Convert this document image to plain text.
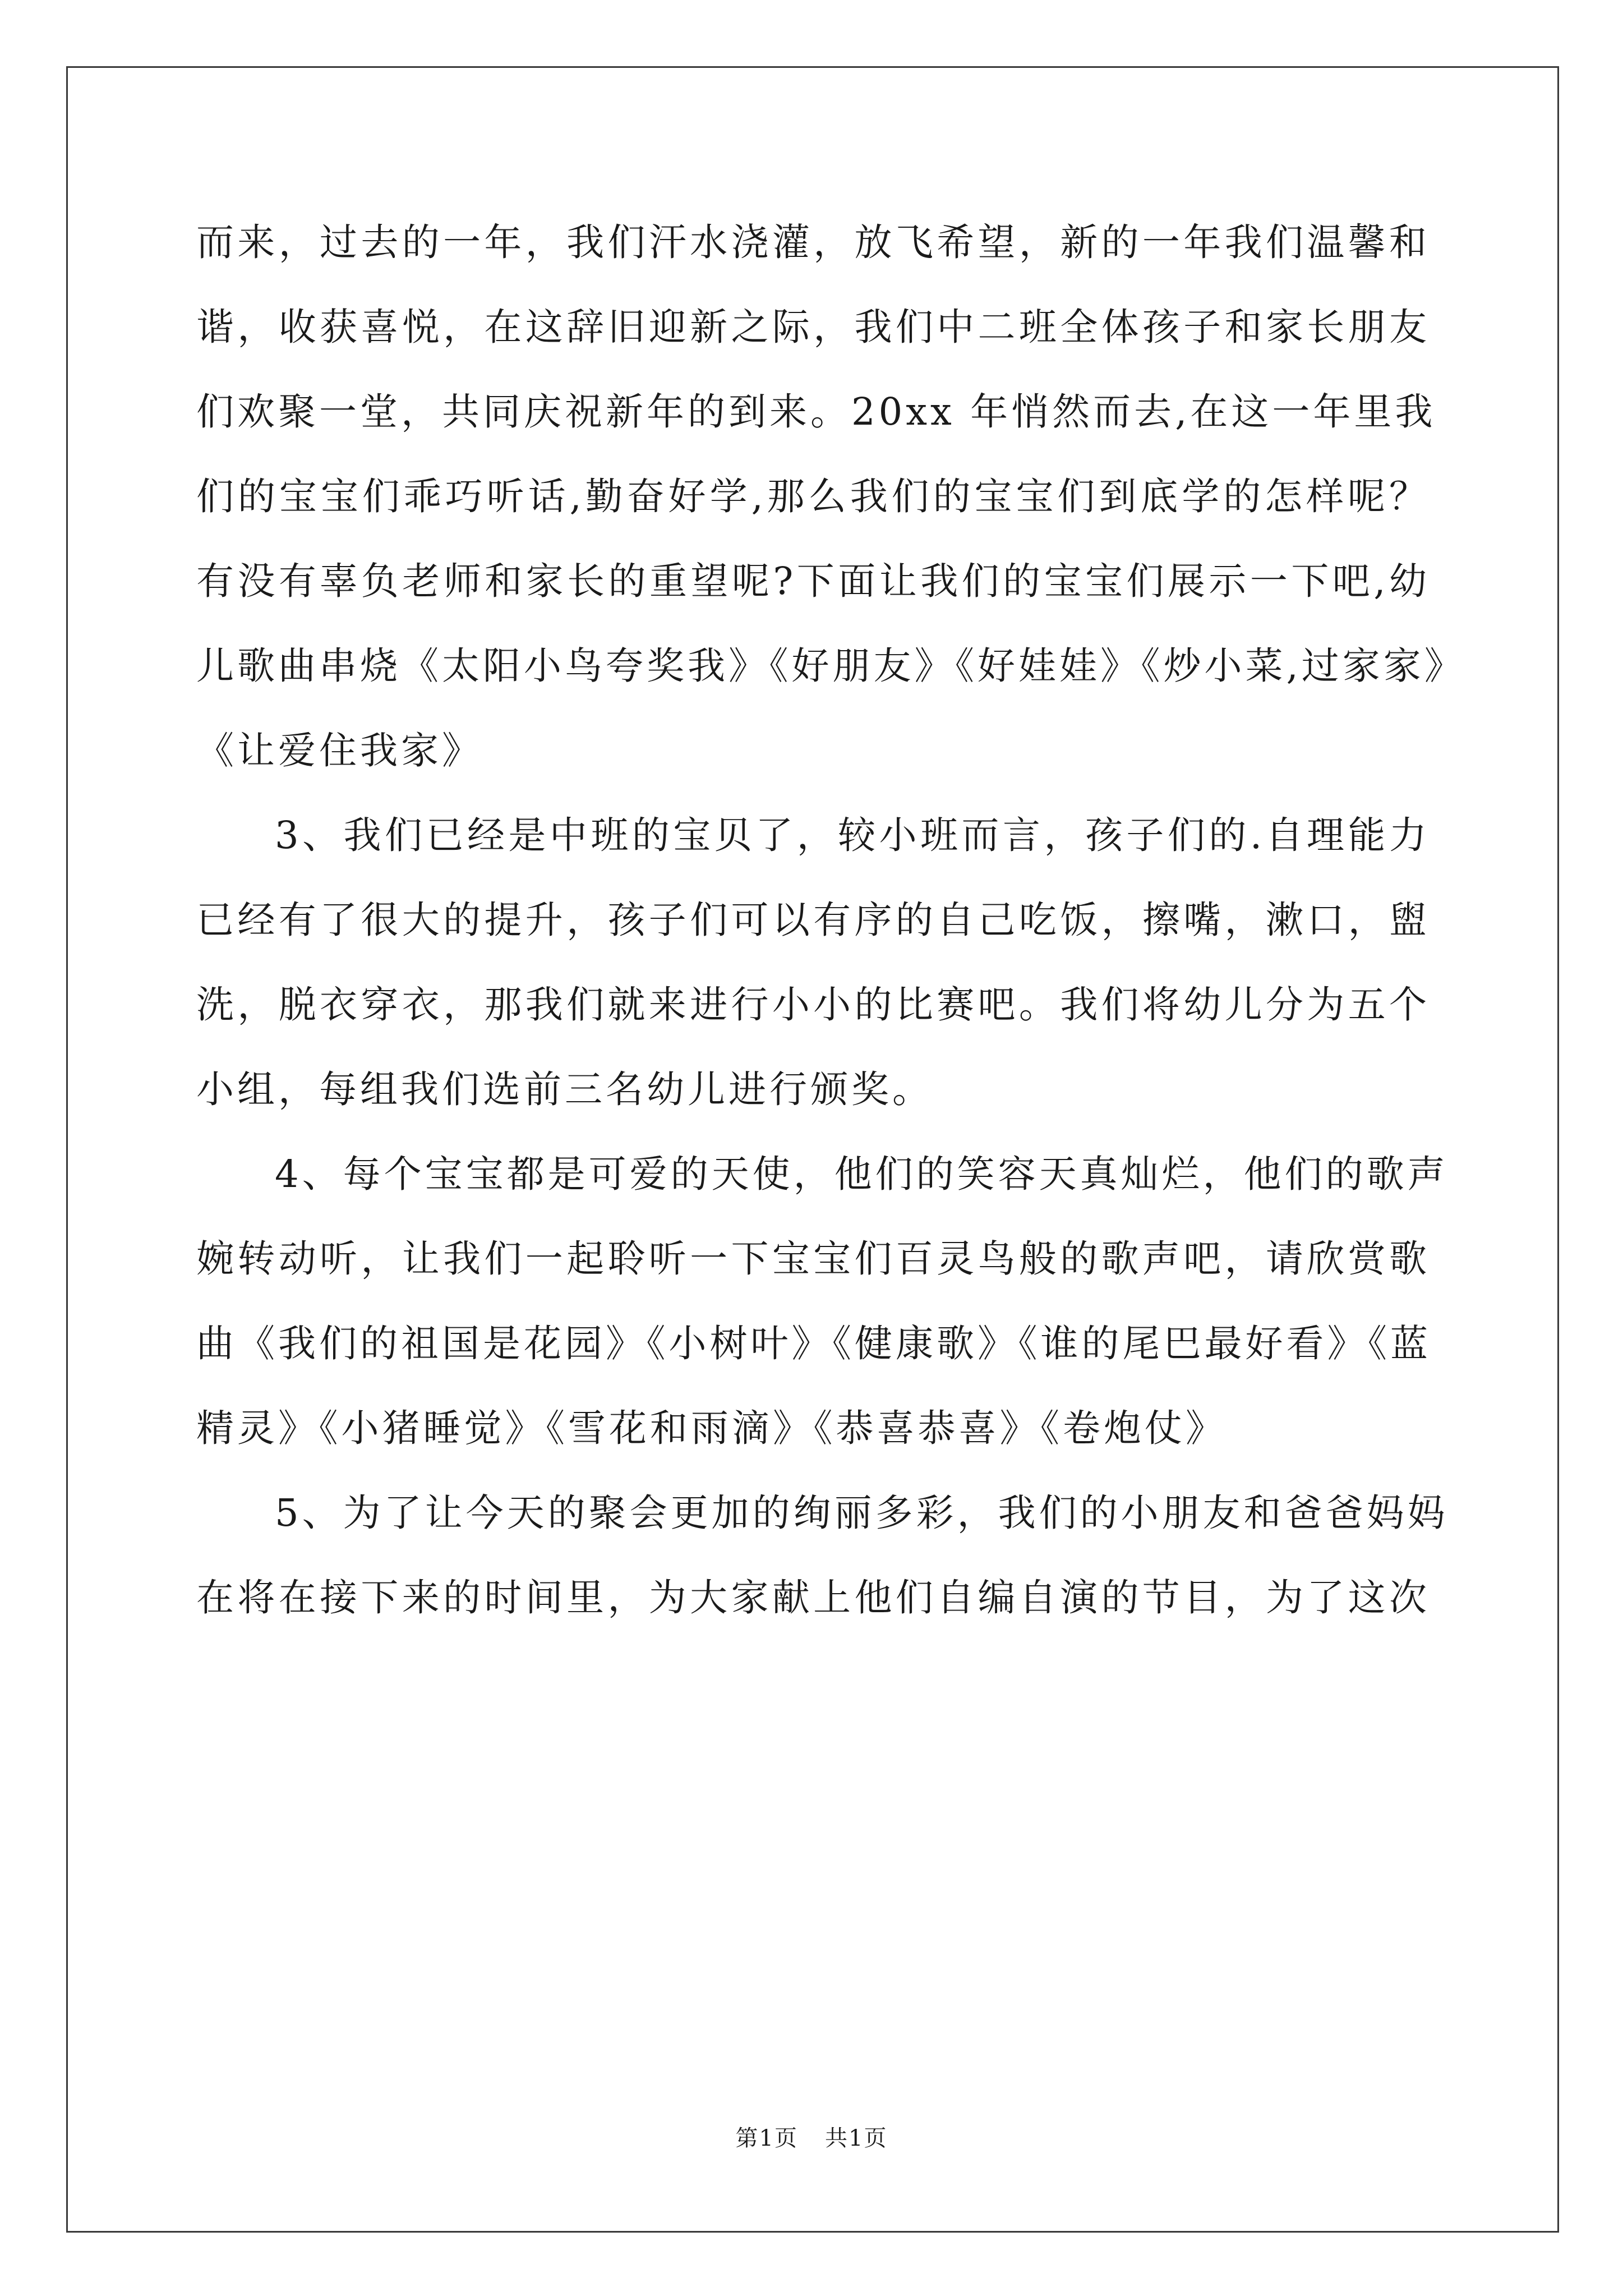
而来，过去的一年，我们汗水浇灌，放飞希望，新的一年我们温馨和
谐，收获喜悦，在这辞旧迎新之际，我们中二班全体孩子和家长朋友
们欢聚一堂，共同庆祝新年的到来。20xx 年悄然而去,在这一年里我
们的宝宝们乖巧听话,勤奋好学,那么我们的宝宝们到底学的怎样呢？
有没有辜负老师和家长的重望呢?下面让我们的宝宝们展示一下吧,幼
儿歌曲串烧《太阳小鸟夸奖我》《好朋友》《好娃娃》《炒小菜,过家家》
《让爱住我家》
3、我们已经是中班的宝贝了，较小班而言，孩子们的.自理能力
已经有了很大的提升，孩子们可以有序的自己吃饭，擦嘴，漱口，盥
洗，脱衣穿衣，那我们就来进行小小的比赛吧。我们将幼儿分为五个
小组，每组我们选前三名幼儿进行颁奖。
4、每个宝宝都是可爱的天使，他们的笑容天真灿烂，他们的歌声
婉转动听，让我们一起聆听一下宝宝们百灵鸟般的歌声吧，请欣赏歌
曲《我们的祖国是花园》《小树叶》《健康歌》《谁的尾巴最好看》《蓝
精灵》《小猪睡觉》《雪花和雨滴》《恭喜恭喜》《卷炮仗》
5、为了让今天的聚会更加的绚丽多彩，我们的小朋友和爸爸妈妈
在将在接下来的时间里，为大家献上他们自编自演的节目，为了这次
第1页 共1页
